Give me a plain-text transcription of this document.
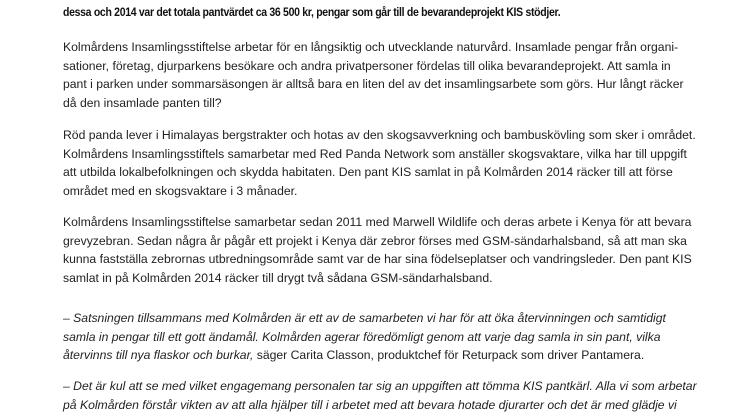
dessa och 2014 var det totala pantvärdet ca 36 500 kr, pengar som går till de bevarandeprojekt KIS stödjer.

Kolmårdens Insamlingsstiftelse arbetar för en långsiktig och utvecklande naturvård. Insamlade pengar från organi-
sationer, företag, djurparkens besökare och andra privatpersoner fördelas till olika bevarandeprojekt. Att samla in
pant i parken under sommarsäsongen är alltså bara en liten del av det insamlingsarbete som görs. Hur långt räcker
då den insamlade panten till?

Röd panda lever i Himalayas bergstrakter och hotas av den skogsavverkning och bambuskövling som sker i området.
Kolmårdens Insamlingsstiftels samarbetar med Red Panda Network som anställer skogsvaktare, vilka har till uppgift
att utbilda lokalbefolkningen och skydda habitaten. Den pant KIS samlat in på Kolmården 2014 räcker till att förse
området med en skogsvaktare i 3 månader.

Kolmårdens Insamlingsstiftelse samarbetar sedan 2011 med Marwell Wildlife och deras arbete i Kenya för att bevara
grevyzebran. Sedan några år pågår ett projekt i Kenya där zebror förses med GSM-sändarhalsband, så att man ska
kunna fastställa zebrornas utbredningsområde samt var de har sina födelseplatser och vandringsleder. Den pant KIS
samlat in på Kolmården 2014 räcker till drygt två sådana GSM-sändarhalsband.

– Satsningen tillsammans med Kolmården är ett av de samarbeten vi har för att öka återvinningen och samtidigt
samla in pengar till ett gott ändamål. Kolmården agerar föredömligt genom att varje dag samla in sin pant, vilka
återvinns till nya flaskor och burkar, säger Carita Classon, produktchef för Returpack som driver Pantamera.

– Det är kul att se med vilket engagemang personalen tar sig an uppgiften att tömma KIS pantkärl. Alla vi som arbetar
på Kolmården förstår vikten av att alla hjälper till i arbetet med att bevara hotade djurarter och det är med glädje vi
